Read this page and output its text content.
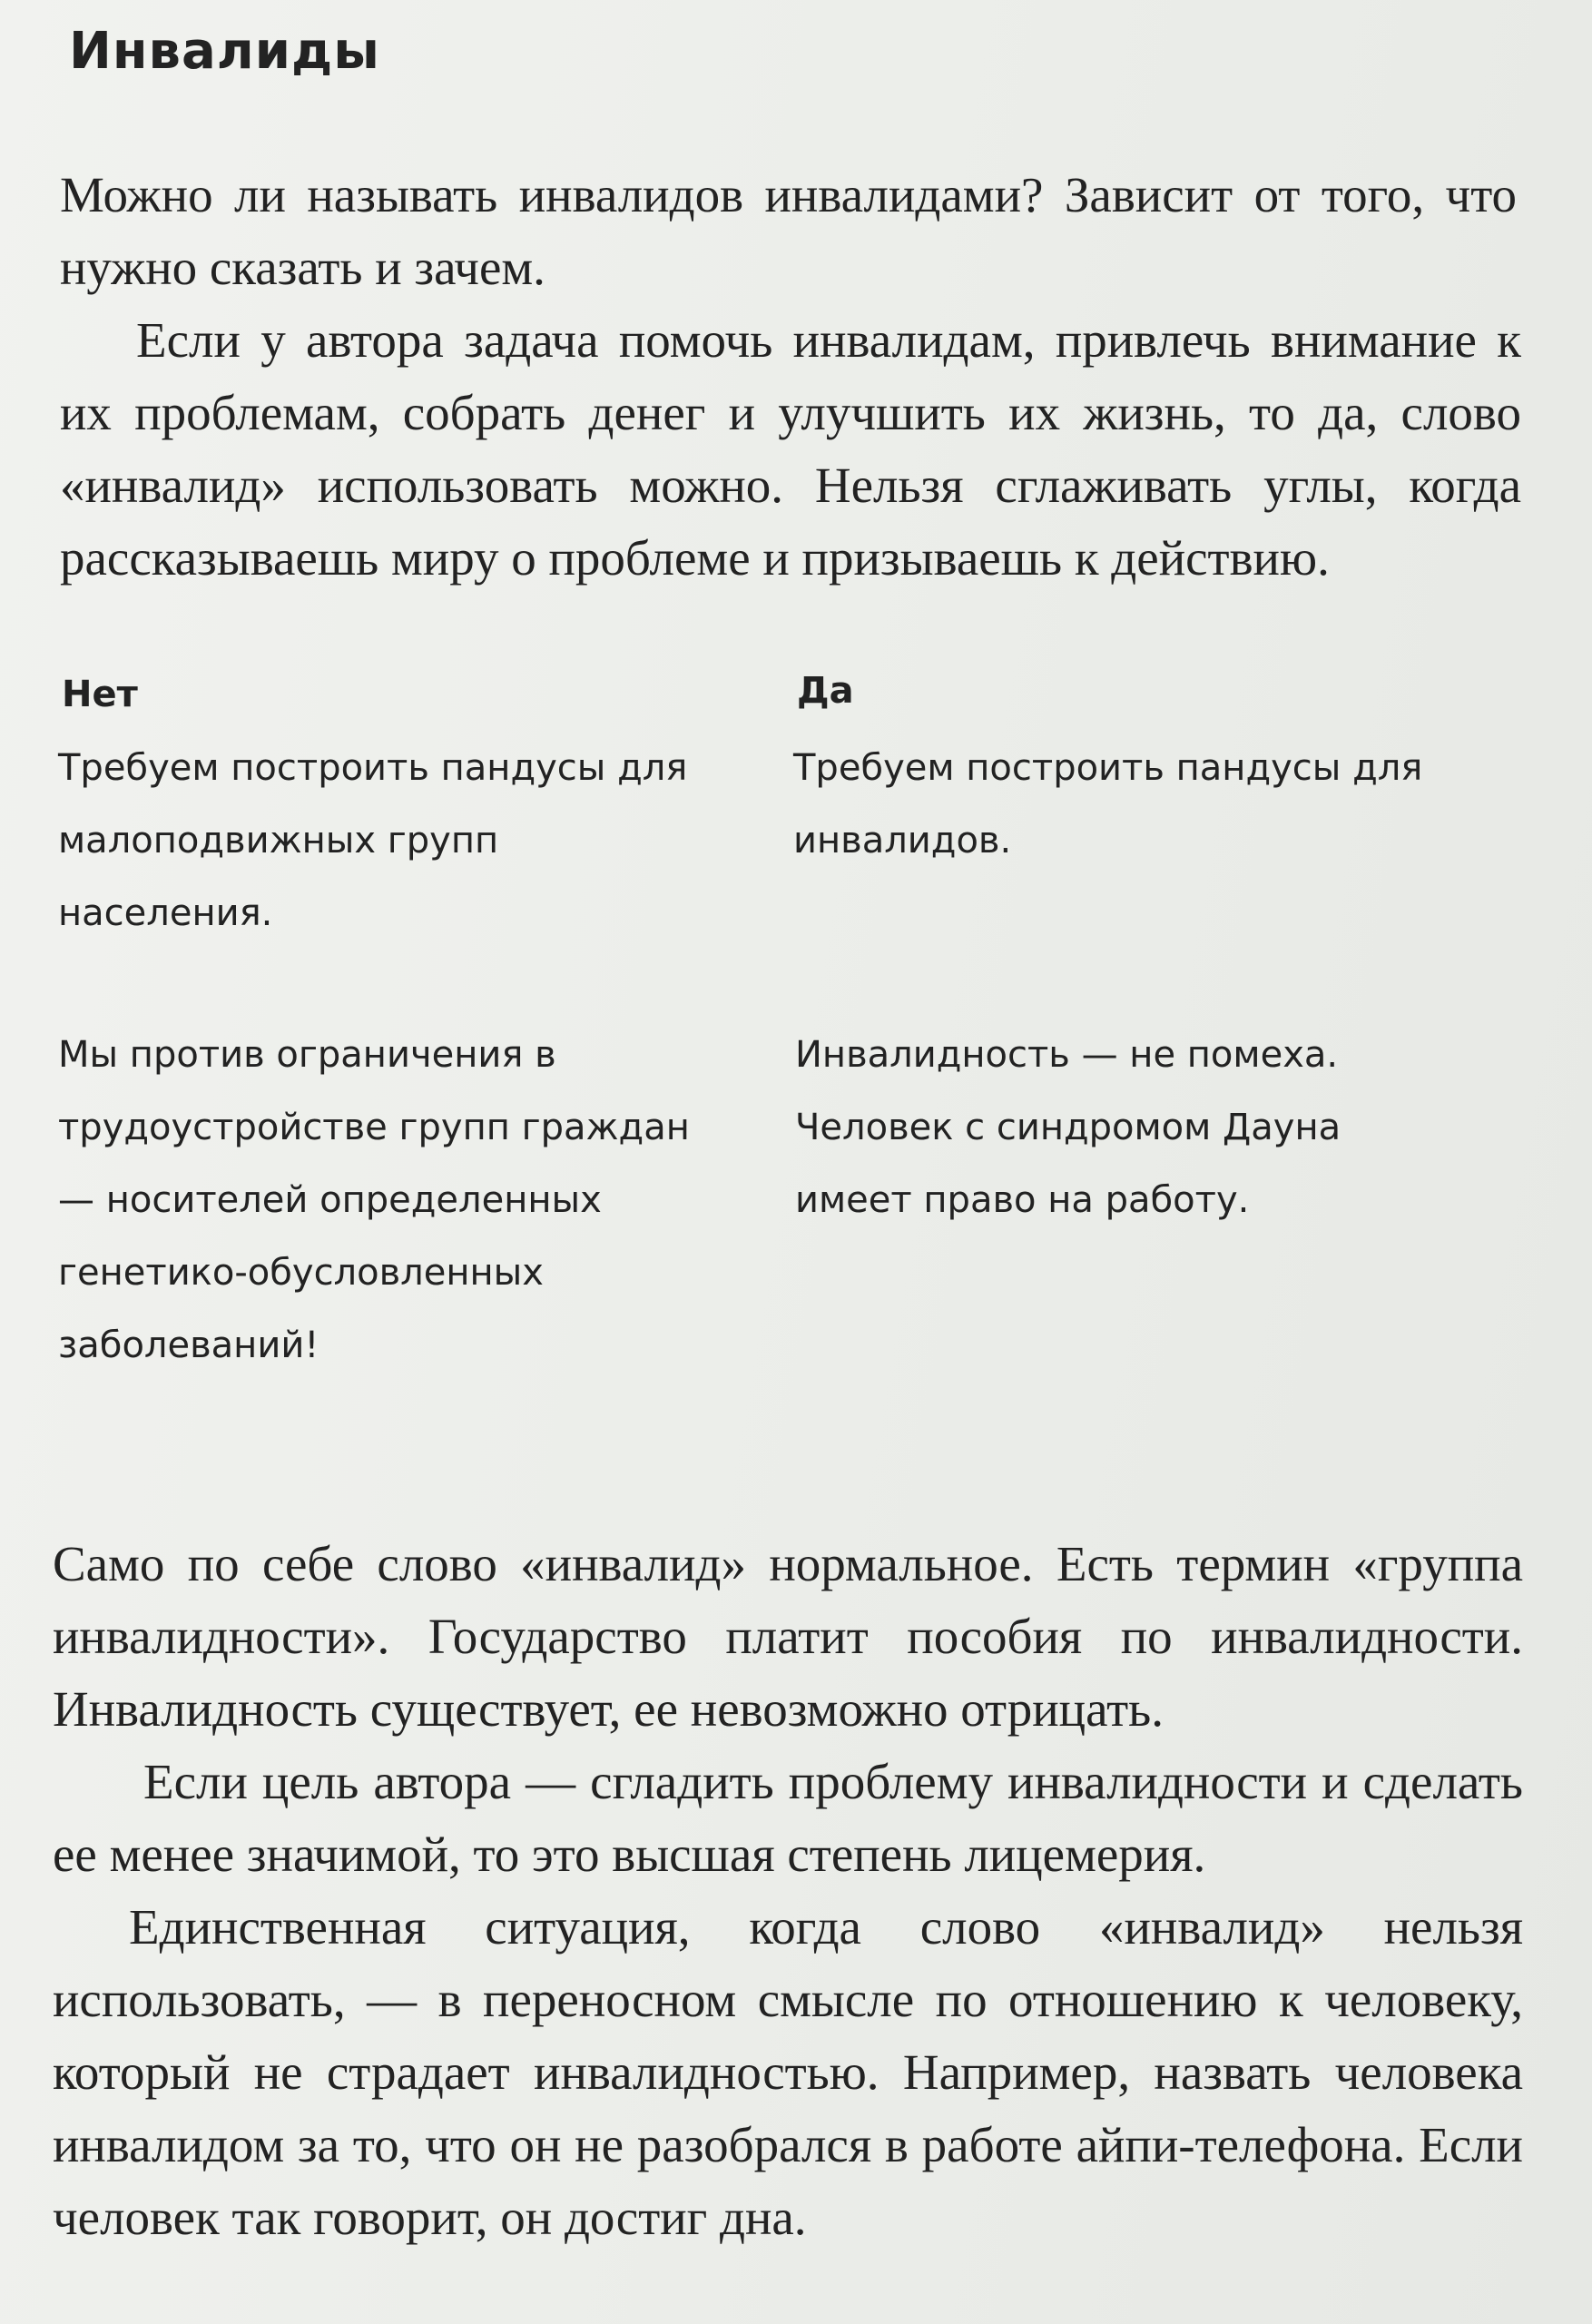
Инвалиды

Можно ли называть инвалидов инвалидами? Зависит от того, что нужно сказать и зачем.

Если у автора задача помочь инвалидам, привлечь внимание к их проблемам, собрать денег и улучшить их жизнь, то да, слово «инвалид» использовать можно. Нельзя сглаживать углы, когда рассказываешь миру о проблеме и призываешь к действию.

Нет	Да
Требуем построить пандусы для малоподвижных групп населения.
Требуем построить пандусы для инвалидов.
Мы против ограничения в трудоустройстве групп граждан — носителей определенных генетико-обусловленных заболеваний!
Инвалидность — не помеха. Человек с синдромом Дауна имеет право на работу.

Само по себе слово «инвалид» нормальное. Есть термин «группа инвалидности». Государство платит пособия по инвалидности. Инвалидность существует, ее невозможно отрицать.

Если цель автора — сгладить проблему инвалидности и сделать ее менее значимой, то это высшая степень лицемерия.

Единственная ситуация, когда слово «инвалид» нельзя использовать, — в переносном смысле по отношению к человеку, который не страдает инвалидностью. Например, назвать человека инвалидом за то, что он не разобрался в работе айпи-телефона. Если человек так говорит, он достиг дна.
